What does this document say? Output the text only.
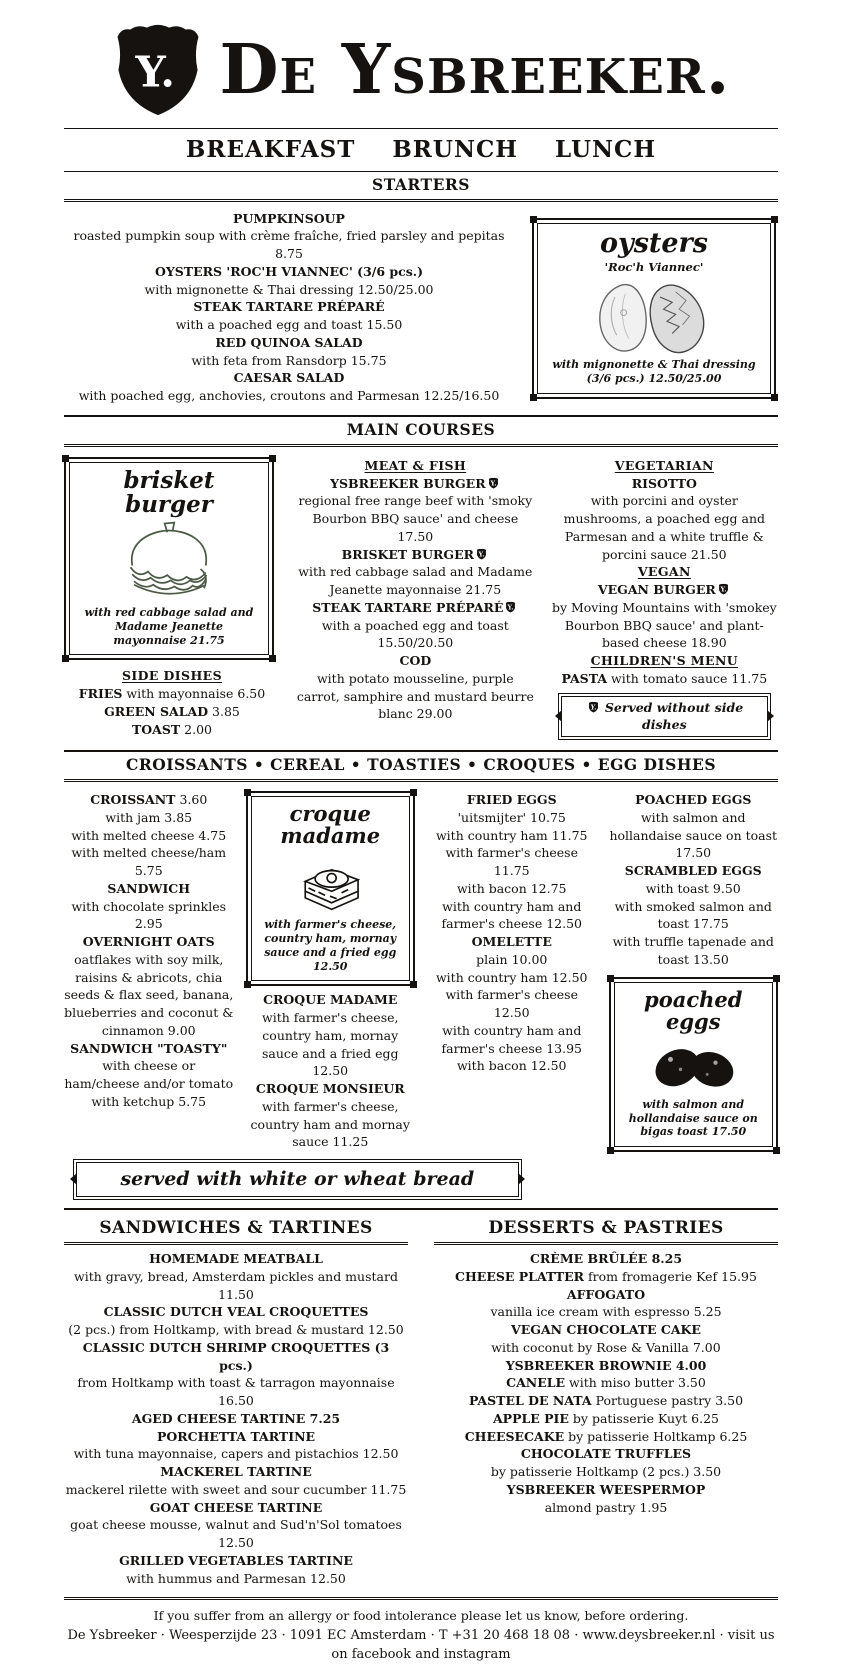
Y. De Ysbreeker.
BREAKFAST BRUNCH LUNCH
STARTERS
PUMPKINSOUP
roasted pumpkin soup with crème fraîche, fried parsley and pepitas 8.75
OYSTERS 'ROC'H VIANNEC' (3/6 pcs.)
with mignonette & Thai dressing 12.50/25.00
STEAK TARTARE PRÉPARÉ
with a poached egg and toast 15.50
RED QUINOA SALAD
with feta from Ransdorp 15.75
CAESAR SALAD
with poached egg, anchovies, croutons and Parmesan 12.25/16.50
oysters
'Roc'h Viannec'
with mignonette & Thai dressing (3/6 pcs.) 12.50/25.00
MAIN COURSES
brisket burger
with red cabbage salad and Madame Jeanette mayonnaise 21.75
SIDE DISHES
FRIES with mayonnaise 6.50
GREEN SALAD 3.85
TOAST 2.00
MEAT & FISH
YSBREEKER BURGER Y.
regional free range beef with 'smoky Bourbon BBQ sauce' and cheese 17.50
BRISKET BURGER Y.
with red cabbage salad and Madame Jeanette mayonnaise 21.75
STEAK TARTARE PRÉPARÉ Y.
with a poached egg and toast 15.50/20.50
COD
with potato mousseline, purple carrot, samphire and mustard beurre blanc 29.00
VEGETARIAN
RISOTTO
with porcini and oyster mushrooms, a poached egg and Parmesan and a white truffle & porcini sauce 21.50
VEGAN
VEGAN BURGER Y.
by Moving Mountains with 'smokey Bourbon BBQ sauce' and plant-based cheese 18.90
CHILDREN'S MENU
PASTA with tomato sauce 11.75
Y. Served without side dishes
CROISSANTS • CEREAL • TOASTIES • CROQUES • EGG DISHES
CROISSANT 3.60
with jam 3.85
with melted cheese 4.75
with melted cheese/ham 5.75
SANDWICH
with chocolate sprinkles 2.95
OVERNIGHT OATS
oatflakes with soy milk, raisins & abricots, chia seeds & flax seed, banana, blueberries and coconut & cinnamon 9.00
SANDWICH "TOASTY"
with cheese or ham/cheese and/or tomato with ketchup 5.75
croque madame
with farmer's cheese, country ham, mornay sauce and a fried egg 12.50
CROQUE MADAME
with farmer's cheese, country ham, mornay sauce and a fried egg 12.50
CROQUE MONSIEUR
with farmer's cheese, country ham and mornay sauce 11.25
FRIED EGGS
'uitsmijter' 10.75
with country ham 11.75
with farmer's cheese 11.75
with bacon 12.75
with country ham and farmer's cheese 12.50
OMELETTE
plain 10.00
with country ham 12.50
with farmer's cheese 12.50
with country ham and farmer's cheese 13.95
with bacon 12.50
POACHED EGGS
with salmon and hollandaise sauce on toast 17.50
SCRAMBLED EGGS
with toast 9.50
with smoked salmon and toast 17.75
with truffle tapenade and toast 13.50
poached eggs
with salmon and hollandaise sauce on bigas toast 17.50
served with white or wheat bread
SANDWICHES & TARTINES
HOMEMADE MEATBALL
with gravy, bread, Amsterdam pickles and mustard 11.50
CLASSIC DUTCH VEAL CROQUETTES
(2 pcs.) from Holtkamp, with bread & mustard 12.50
CLASSIC DUTCH SHRIMP CROQUETTES (3 pcs.)
from Holtkamp with toast & tarragon mayonnaise 16.50
AGED CHEESE TARTINE 7.25
PORCHETTA TARTINE
with tuna mayonnaise, capers and pistachios 12.50
MACKEREL TARTINE
mackerel rilette with sweet and sour cucumber 11.75
GOAT CHEESE TARTINE
goat cheese mousse, walnut and Sud'n'Sol tomatoes 12.50
GRILLED VEGETABLES TARTINE
with hummus and Parmesan 12.50
DESSERTS & PASTRIES
CRÈME BRÛLÉE 8.25
CHEESE PLATTER from fromagerie Kef 15.95
AFFOGATO
vanilla ice cream with espresso 5.25
VEGAN CHOCOLATE CAKE
with coconut by Rose & Vanilla 7.00
YSBREEKER BROWNIE 4.00
CANELE with miso butter 3.50
PASTEL DE NATA Portuguese pastry 3.50
APPLE PIE by patisserie Kuyt 6.25
CHEESECAKE by patisserie Holtkamp 6.25
CHOCOLATE TRUFFLES
by patisserie Holtkamp (2 pcs.) 3.50
YSBREEKER WEESPERMOP
almond pastry 1.95
If you suffer from an allergy or food intolerance please let us know, before ordering.
De Ysbreeker · Weesperzijde 23 · 1091 EC Amsterdam · T +31 20 468 18 08 · www.deysbreeker.nl · visit us on facebook and instagram
